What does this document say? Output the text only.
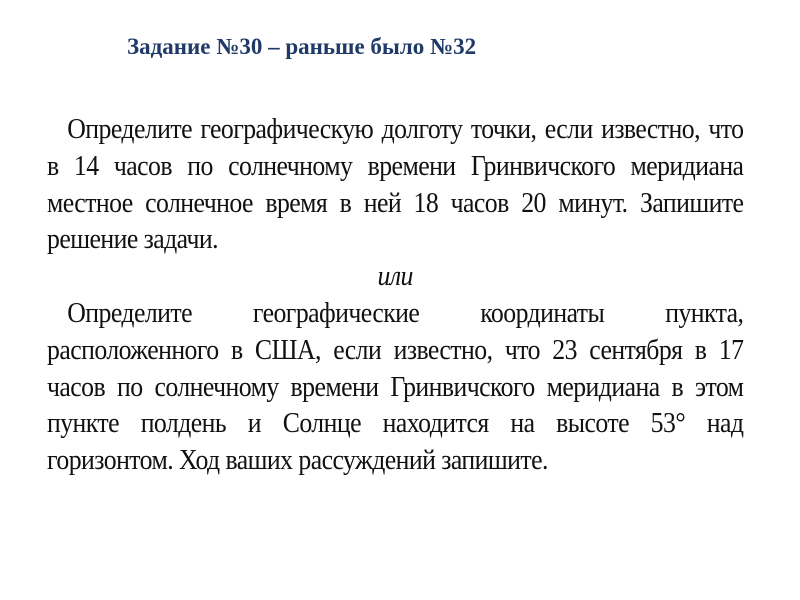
Задание №30 – раньше было №32

Определите географическую долготу точки, если известно, что в 14 часов по солнечному времени Гринвичского меридиана местное солнечное время в ней 18 часов 20 минут. Запишите решение задачи.

или

Определите географические координаты пункта, расположенного в США, если известно, что 23 сентября в 17 часов по солнечному времени Гринвичского меридиана в этом пункте полдень и Солнце находится на высоте 53° над горизонтом. Ход ваших рассуждений запишите.
